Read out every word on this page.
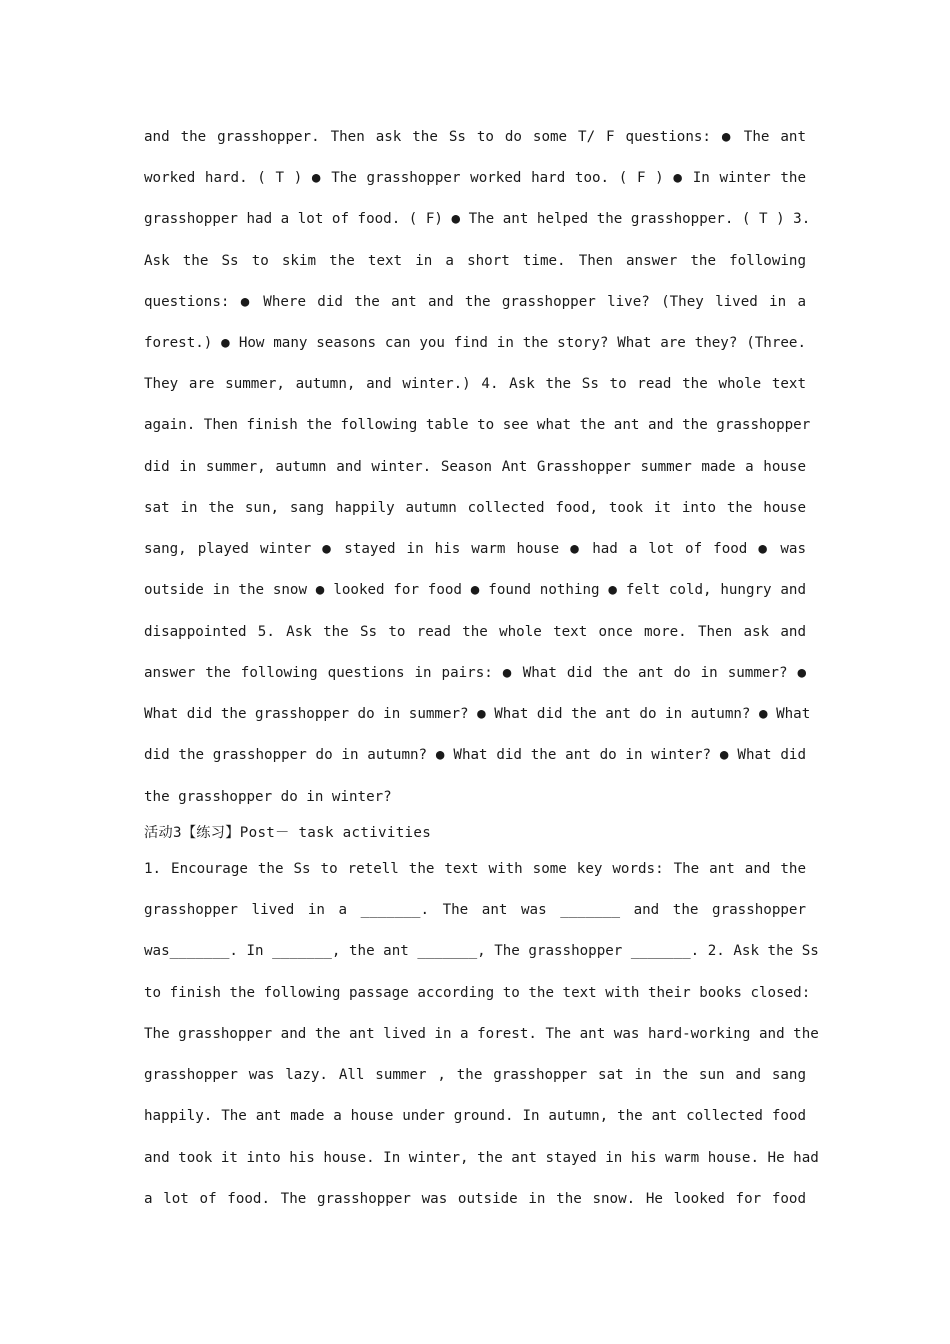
and the grasshopper. Then ask the Ss to do some T/ F questions: ● The ant
worked hard. ( T ) ● The grasshopper worked hard too. ( F ) ● In winter the
grasshopper had a lot of food. ( F) ● The ant helped the grasshopper. ( T ) 3.
Ask the Ss to skim the text in a short time. Then answer the following
questions: ● Where did the ant and the grasshopper live? (They lived in a
forest.) ● How many seasons can you find in the story? What are they? (Three.
They are summer, autumn, and winter.) 4. Ask the Ss to read the whole text
again. Then finish the following table to see what the ant and the grasshopper
did in summer, autumn and winter. Season Ant Grasshopper summer made a house
sat in the sun, sang happily autumn collected food, took it into the house
sang, played winter ● stayed in his warm house ● had a lot of food ● was
outside in the snow ● looked for food ● found nothing ● felt cold, hungry and
disappointed 5. Ask the Ss to read the whole text once more. Then ask and
answer the following questions in pairs: ● What did the ant do in summer? ●
What did the grasshopper do in summer? ● What did the ant do in autumn? ● What
did the grasshopper do in autumn? ● What did the ant do in winter? ● What did
the grasshopper do in winter?
活动3【练习】Post－ task activities
1. Encourage the Ss to retell the text with some key words: The ant and the
grasshopper lived in a _______. The ant was _______ and the grasshopper
was_______. In _______, the ant _______, The grasshopper _______. 2. Ask the Ss
to finish the following passage according to the text with their books closed:
The grasshopper and the ant lived in a forest. The ant was hard-working and the
grasshopper was lazy. All summer , the grasshopper sat in the sun and sang
happily. The ant made a house under ground. In autumn, the ant collected food
and took it into his house. In winter, the ant stayed in his warm house. He had
a lot of food. The grasshopper was outside in the snow. He looked for food
